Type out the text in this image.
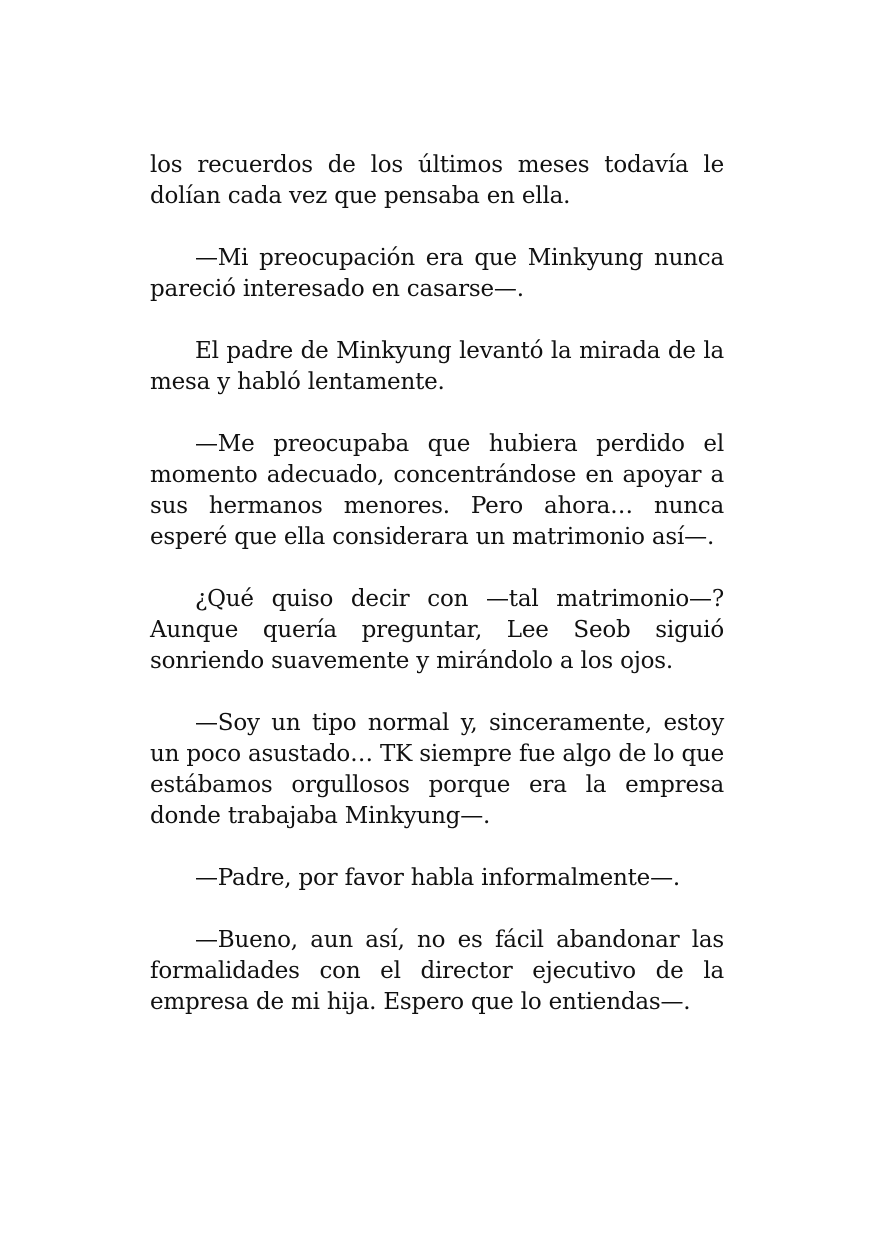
los recuerdos de los últimos meses todavía le dolían cada vez que pensaba en ella.

—Mi preocupación era que Minkyung nunca pareció interesado en casarse—.

El padre de Minkyung levantó la mirada de la mesa y habló lentamente.

—Me preocupaba que hubiera perdido el momento adecuado, concentrándose en apoyar a sus hermanos menores. Pero ahora… nunca esperé que ella considerara un matrimonio así—.

¿Qué quiso decir con —tal matrimonio—? Aunque quería preguntar, Lee Seob siguió sonriendo suavemente y mirándolo a los ojos.

—Soy un tipo normal y, sinceramente, estoy un poco asustado… TK siempre fue algo de lo que estábamos orgullosos porque era la empresa donde trabajaba Minkyung—.

—Padre, por favor habla informalmente—.

—Bueno, aun así, no es fácil abandonar las formalidades con el director ejecutivo de la empresa de mi hija. Espero que lo entiendas—.
